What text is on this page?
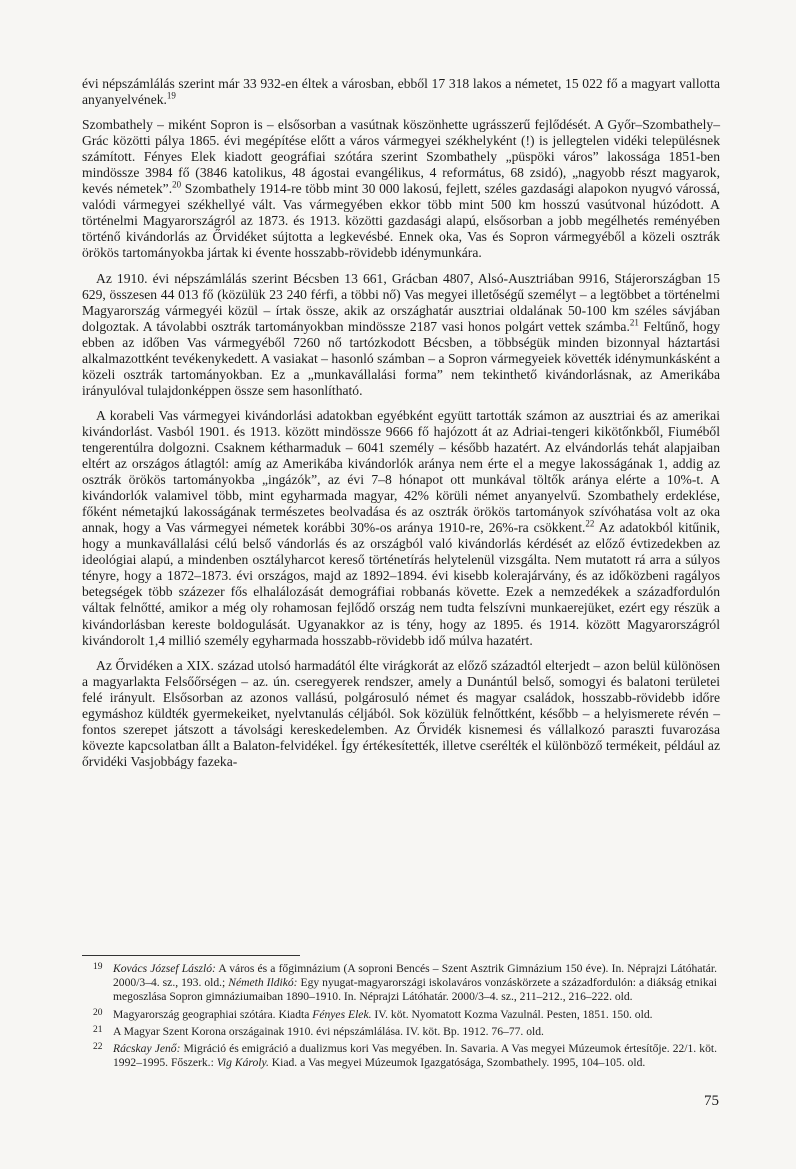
évi népszámlálás szerint már 33 932-en éltek a városban, ebből 17 318 lakos a németet, 15 022 fő a magyart vallotta anyanyelvének.$^{19}$

Szombathely – miként Sopron is – elsősorban a vasútnak köszönhette ugrásszerű fejlődését. A Győr–Szombathely–Grác közötti pálya 1865. évi megépítése előtt a város vármegyei székhelyként (!) is jellegtelen vidéki településnek számított. Fényes Elek kiadott geográfiai szótára szerint Szombathely „püspöki város” lakossága 1851-ben mindössze 3984 fő (3846 katolikus, 48 ágostai evangélikus, 4 református, 68 zsidó), „nagyobb részt magyarok, kevés németek”.$^{20}$ Szombathely 1914-re több mint 30 000 lakosú, fejlett, széles gazdasági alapokon nyugvó várossá, valódi vármegyei székhellyé vált. Vas vármegyében ekkor több mint 500 km hosszú vasútvonal húzódott. A történelmi Magyarországról az 1873. és 1913. közötti gazdasági alapú, elsősorban a jobb megélhetés reményében történő kivándorlás az Őrvidéket sújtotta a legkevésbé. Ennek oka, Vas és Sopron vármegyéből a közeli osztrák örökös tartományokba jártak ki évente hosszabb-rövidebb idénymunkára.

Az 1910. évi népszámlálás szerint Bécsben 13 661, Grácban 4807, Alsó-Ausztriában 9916, Stájerországban 15 629, összesen 44 013 fő (közülük 23 240 férfi, a többi nő) Vas megyei illetőségű személyt – a legtöbbet a történelmi Magyarország vármegyéi közül – írtak össze, akik az országhatár ausztriai oldalának 50-100 km széles sávjában dolgoztak. A távolabbi osztrák tartományokban mindössze 2187 vasi honos polgárt vettek számba.$^{21}$ Feltűnő, hogy ebben az időben Vas vármegyéből 7260 nő tartózkodott Bécsben, a többségük minden bizonnyal háztartási alkalmazottként tevékenykedett. A vasiakat – hasonló számban – a Sopron vármegyeiek követték idénymunkásként a közeli osztrák tartományokban. Ez a „munkavállalási forma” nem tekinthető kivándorlásnak, az Amerikába irányulóval tulajdonképpen össze sem hasonlítható.

A korabeli Vas vármegyei kivándorlási adatokban egyébként együtt tartották számon az ausztriai és az amerikai kivándorlást. Vasból 1901. és 1913. között mindössze 9666 fő hajózott át az Adriai-tengeri kikötőnkből, Fiuméből tengerentúlra dolgozni. Csaknem kétharmaduk – 6041 személy – később hazatért. Az elvándorlás tehát alapjaiban eltért az országos átlagtól: amíg az Amerikába kivándorlók aránya nem érte el a megye lakosságának 1, addig az osztrák örökös tartományokba „ingázók”, az évi 7–8 hónapot ott munkával töltők aránya elérte a 10%-t. A kivándorlók valamivel több, mint egyharmada magyar, 42% körüli német anyanyelvű. Szombathely erdeklése, főként németajkú lakosságának természetes beolvadása és az osztrák örökös tartományok szívóhatása volt az oka annak, hogy a Vas vármegyei németek korábbi 30%-os aránya 1910-re, 26%-ra csökkent.$^{22}$ Az adatokból kitűnik, hogy a munkavállalási célú belső vándorlás és az országból való kivándorlás kérdését az előző évtizedekben az ideológiai alapú, a mindenben osztályharcot kereső történetírás helytelenül vizsgálta. Nem mutatott rá arra a súlyos tényre, hogy a 1872–1873. évi országos, majd az 1892–1894. évi kisebb kolerajárvány, és az időközbeni ragályos betegségek több százezer fős elhalálozását demográfiai robbanás követte. Ezek a nemzedékek a századfordulón váltak felnőtté, amikor a még oly rohamosan fejlődő ország nem tudta felszívni munkaerejüket, ezért egy részük a kivándorlásban kereste boldogulását. Ugyanakkor az is tény, hogy az 1895. és 1914. között Magyarországról kivándorolt 1,4 millió személy egyharmada hosszabb-rövidebb idő múlva hazatért.

Az Őrvidéken a XIX. század utolsó harmadától élte virágkorát az előző századtól elterjedt – azon belül különösen a magyarlakta Felsőőrségen – az. ún. cseregyerek rendszer, amely a Dunántúl belső, somogyi és balatoni területei felé irányult. Elsősorban az azonos vallású, polgárosuló német és magyar családok, hosszabb-rövidebb időre egymáshoz küldték gyermekeiket, nyelvtanulás céljából. Sok közülük felnőttként, később – a helyismerete révén – fontos szerepet játszott a távolsági kereskedelemben. Az Őrvidék kisnemesi és vállalkozó paraszti fuvarozása kövezte kapcsolatban állt a Balaton-felvidékel. Így értékesítették, illetve cserélték el különböző termékeit, például az őrvidéki Vasjobbágy fazeka-

19 Kovács József László: A város és a főgimnázium (A soproni Bencés – Szent Asztrik Gimnázium 150 éve). In. Néprajzi Látóhatár. 2000/3–4. sz., 193. old.; Németh Ildikó: Egy nyugat-magyarországi iskolaváros vonzáskörzete a századfordulón: a diákság etnikai megoszlása Sopron gimnáziumaiban 1890–1910. In. Néprajzi Látóhatár. 2000/3–4. sz., 211–212., 216–222. old.
20 Magyarország geographiai szótára. Kiadta Fényes Elek. IV. köt. Nyomatott Kozma Vazulnál. Pesten, 1851. 150. old.
21 A Magyar Szent Korona országainak 1910. évi népszámlálása. IV. köt. Bp. 1912. 76–77. old.
22 Rácskay Jenő: Migráció és emigráció a dualizmus kori Vas megyében. In. Savaria. A Vas megyei Múzeumok értesítője. 22/1. köt. 1992–1995. Főszerk.: Vig Károly. Kiad. a Vas megyei Múzeumok Igazgatósága, Szombathely. 1995, 104–105. old.
75
